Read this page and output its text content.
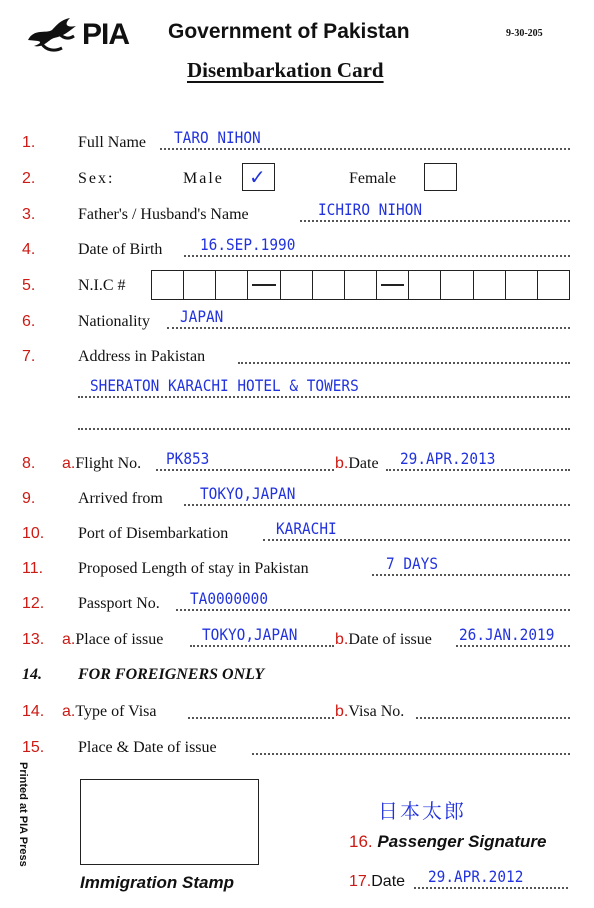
PIA Government of Pakistan	9-30-205
Disembarkation Card
1.	Full Name TARO NIHON
2.	Sex:	Male ✓	Female
3.	Father's / Husband's Name	ICHIRO NIHON
4.	Date of Birth 16.SEP.1990
5.	N.I.C #
6.	Nationality JAPAN
7.	Address in Pakistan
SHERATON KARACHI HOTEL & TOWERS
8. a.Flight No. PK853	b.Date 29.APR.2013
9.	Arrived from TOKYO,JAPAN
10. Port of Disembarkation	KARACHI
11. Proposed Length of stay in Pakistan	7 DAYS
12. Passport No. TA0000000
13. a.Place of issue TOKYO,JAPAN b.Date of issue 26.JAN.2019
14. FOR FOREIGNERS ONLY
14. a.Type of Visa	b.Visa No.
15. Place & Date of issue
Printed at PIA Press
Immigration Stamp
日本太郎
16. Passenger Signature
17.Date 29.APR.2012
